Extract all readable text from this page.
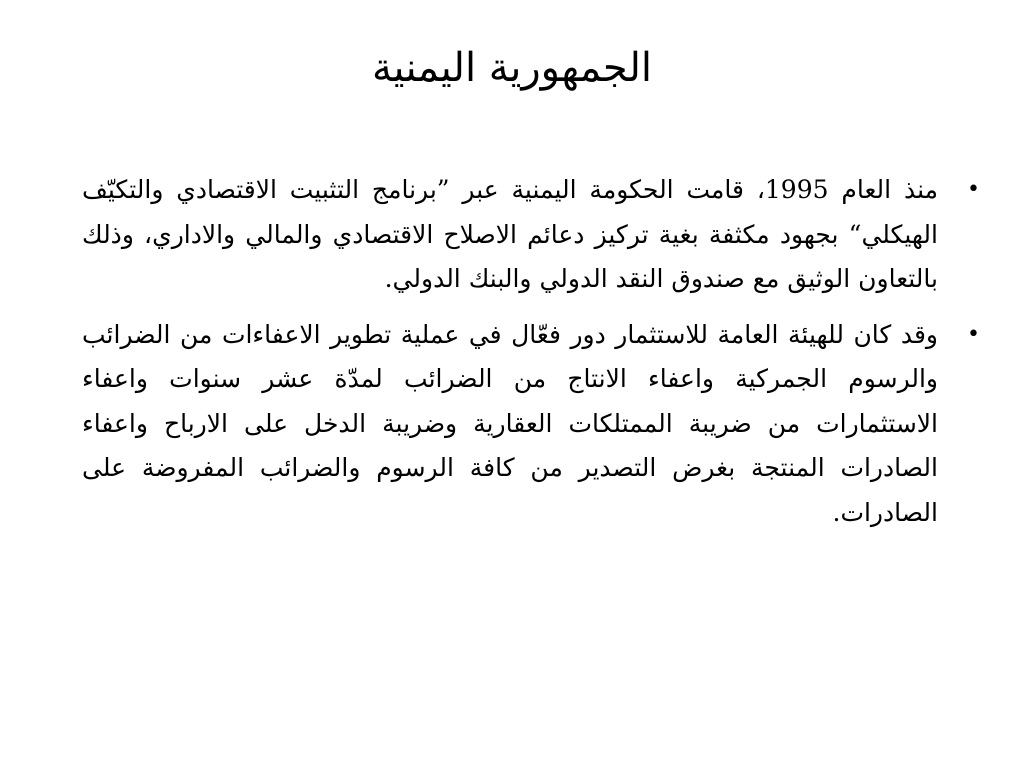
الجمهورية اليمنية
•
منذ العام 1995، قامت الحكومة اليمنية عبر ”برنامج التثبيت الاقتصادي والتكيّف الهيكلي“ بجهود مكثفة بغية تركيز دعائم الاصلاح الاقتصادي والمالي والاداري، وذلك بالتعاون الوثيق مع صندوق النقد الدولي والبنك الدولي.
•
وقد كان للهيئة العامة للاستثمار دور فعّال في عملية تطوير الاعفاءات من الضرائب والرسوم الجمركية واعفاء الانتاج من الضرائب لمدّة عشر سنوات واعفاء الاستثمارات من ضريبة الممتلكات العقارية وضريبة الدخل على الارباح واعفاء الصادرات المنتجة بغرض التصدير من كافة الرسوم والضرائب المفروضة على الصادرات.
